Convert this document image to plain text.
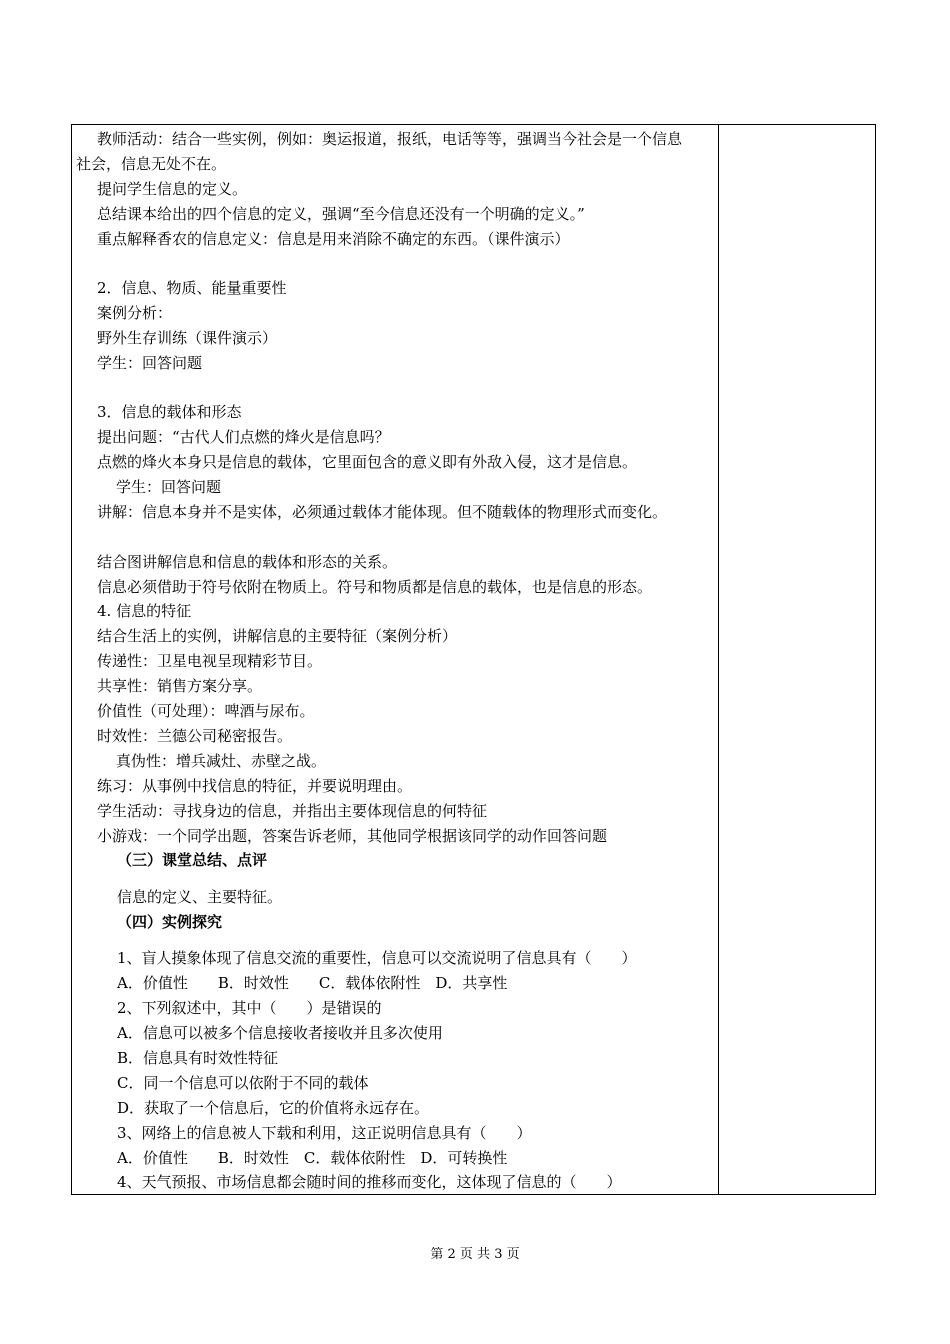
教师活动：结合一些实例，例如：奥运报道，报纸，电话等等，强调当今社会是一个信息
社会，信息无处不在。
提问学生信息的定义。
总结课本给出的四个信息的定义，强调“至今信息还没有一个明确的定义。”
重点解释香农的信息定义：信息是用来消除不确定的东西。（课件演示）
2．信息、物质、能量重要性
案例分析：
野外生存训练（课件演示）
学生：回答问题
3．信息的载体和形态
提出问题：“古代人们点燃的烽火是信息吗？
点燃的烽火本身只是信息的载体，它里面包含的意义即有外敌入侵，这才是信息。
学生：回答问题
讲解：信息本身并不是实体，必须通过载体才能体现。但不随载体的物理形式而变化。
结合图讲解信息和信息的载体和形态的关系。
信息必须借助于符号依附在物质上。符号和物质都是信息的载体，也是信息的形态。
4. 信息的特征
结合生活上的实例，讲解信息的主要特征（案例分析）
传递性：卫星电视呈现精彩节目。
共享性：销售方案分享。
价值性（可处理）：啤酒与尿布。
时效性：兰德公司秘密报告。
真伪性：增兵减灶、赤壁之战。
练习：从事例中找信息的特征，并要说明理由。
学生活动：寻找身边的信息，并指出主要体现信息的何特征
小游戏：一个同学出题，答案告诉老师，其他同学根据该同学的动作回答问题
（三）课堂总结、点评
信息的定义、主要特征。
（四）实例探究
1、盲人摸象体现了信息交流的重要性，信息可以交流说明了信息具有（　　）
A．价值性　　B．时效性　　C．载体依附性　D．共享性
2、下列叙述中，其中（　　）是错误的
A．信息可以被多个信息接收者接收并且多次使用
B．信息具有时效性特征
C．同一个信息可以依附于不同的载体
D．获取了一个信息后，它的价值将永远存在。
3、网络上的信息被人下载和利用，这正说明信息具有（　　）
A．价值性　　B．时效性　C．载体依附性　D．可转换性
4、天气预报、市场信息都会随时间的推移而变化，这体现了信息的（　　）
第 2 页 共 3 页
